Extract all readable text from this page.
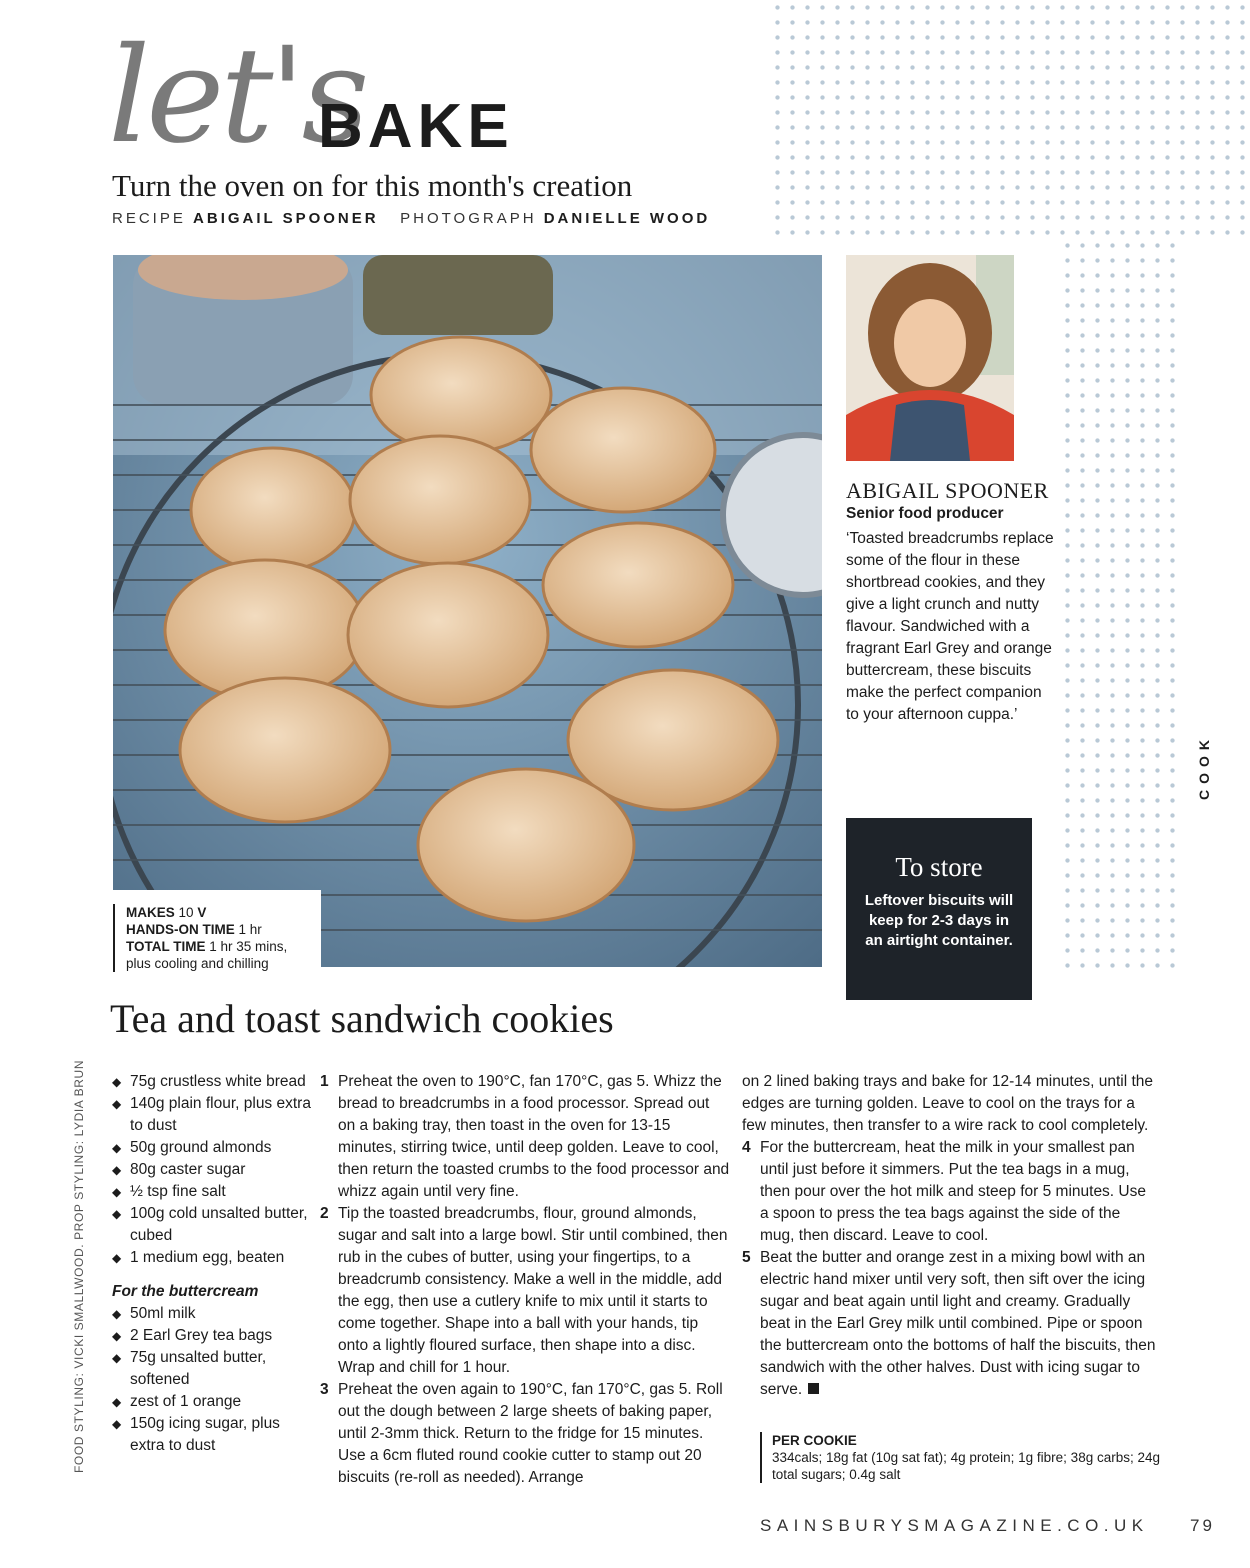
let's
BAKE
Turn the oven on for this month's creation
RECIPE ABIGAIL SPOONER PHOTOGRAPH DANIELLE WOOD
MAKES 10 V
HANDS-ON TIME 1 hr
TOTAL TIME 1 hr 35 mins,
plus cooling and chilling
ABIGAIL SPOONER
Senior food producer
‘Toasted breadcrumbs replace some of the flour in these shortbread cookies, and they give a light crunch and nutty flavour. Sandwiched with a fragrant Earl Grey and orange buttercream, these biscuits make the perfect companion to your afternoon cuppa.’
COOK
To store
Leftover biscuits will keep for 2-3 days in an airtight container.
Tea and toast sandwich cookies
FOOD STYLING: VICKI SMALLWOOD. PROP STYLING: LYDIA BRUN
◆	75g crustless white bread
◆ 140g plain flour, plus extra to dust
◆ 50g ground almonds
◆ 80g caster sugar
◆ ½ tsp fine salt
◆ 100g cold unsalted butter, cubed
◆ 1 medium egg, beaten
For the buttercream
◆ 50ml milk
◆ 2 Earl Grey tea bags
◆ 75g unsalted butter, softened
◆ zest of 1 orange
◆ 150g icing sugar, plus extra to dust
1 Preheat the oven to 190°C, fan 170°C, gas 5. Whizz the bread to breadcrumbs in a food processor. Spread out on a baking tray, then toast in the oven for 13-15 minutes, stirring twice, until deep golden. Leave to cool, then return the toasted crumbs to the food processor and whizz again until very fine.
2 Tip the toasted breadcrumbs, flour, ground almonds, sugar and salt into a large bowl. Stir until combined, then rub in the cubes of butter, using your fingertips, to a breadcrumb consistency. Make a well in the middle, add the egg, then use a cutlery knife to mix until it starts to come together. Shape into a ball with your hands, tip onto a lightly floured surface, then shape into a disc. Wrap and chill for 1 hour.
3 Preheat the oven again to 190°C, fan 170°C, gas 5. Roll out the dough between 2 large sheets of baking paper, until 2-3mm thick. Return to the fridge for 15 minutes. Use a 6cm fluted round cookie cutter to stamp out 20 biscuits (re-roll as needed). Arrange
on 2 lined baking trays and bake for 12-14 minutes, until the edges are turning golden. Leave to cool on the trays for a few minutes, then transfer to a wire rack to cool completely.
4 For the buttercream, heat the milk in your smallest pan until just before it simmers. Put the tea bags in a mug, then pour over the hot milk and steep for 5 minutes. Use a spoon to press the tea bags against the side of the mug, then discard. Leave to cool.
5 Beat the butter and orange zest in a mixing bowl with an electric hand mixer until very soft, then sift over the icing sugar and beat again until light and creamy. Gradually beat in the Earl Grey milk until combined. Pipe or spoon the buttercream onto the bottoms of half the biscuits, then sandwich with the other halves. Dust with icing sugar to serve.
PER COOKIE
334cals; 18g fat (10g sat fat); 4g protein; 1g fibre; 38g carbs; 24g total sugars; 0.4g salt
SAINSBURYSMAGAZINE.CO.UK 79
